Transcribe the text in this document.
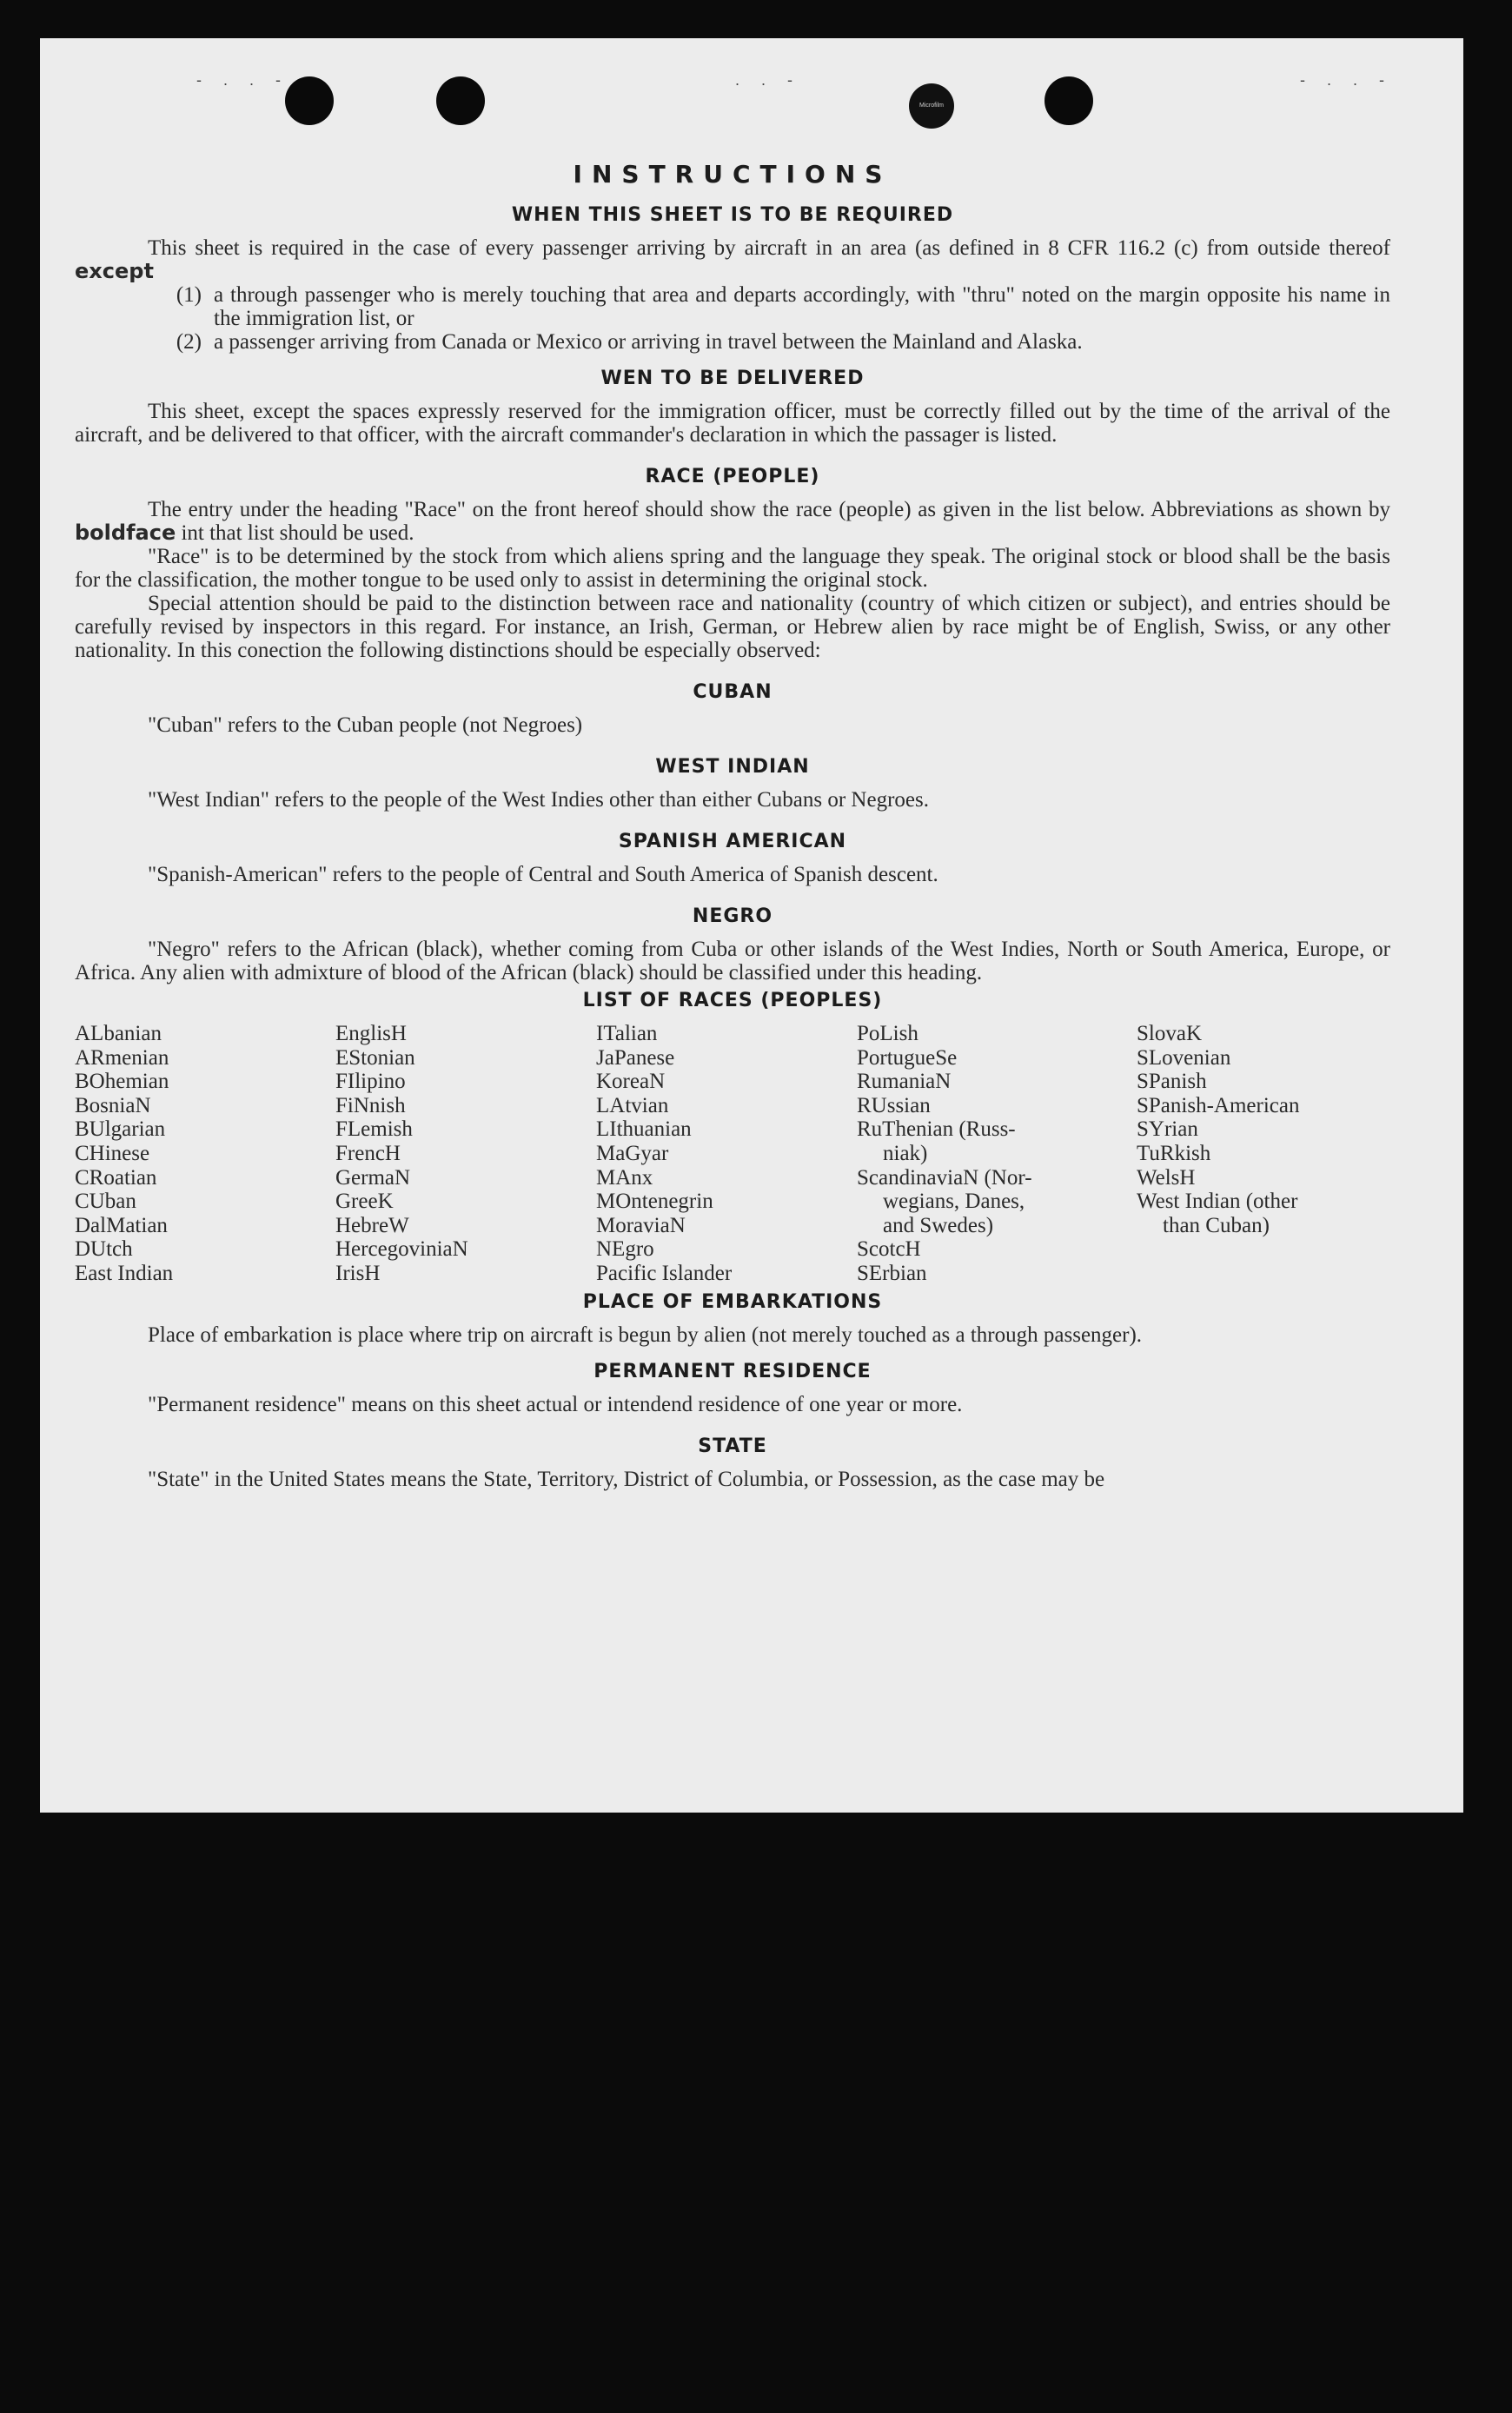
- . . -	. . -	- . . -
Microfilm
INSTRUCTIONS
WHEN THIS SHEET IS TO BE REQUIRED

This sheet is required in the case of every passenger arriving by aircraft in an area (as defined in 8 CFR 116.2 (c) from outside thereof except

(1) a through passenger who is merely touching that area and departs accordingly, with "thru" noted on the margin opposite his name in the immigration list, or
(2) a passenger arriving from Canada or Mexico or arriving in travel between the Mainland and Alaska.
WEN TO BE DELIVERED

This sheet, except the spaces expressly reserved for the immigration officer, must be correctly filled out by the time of the arrival of the aircraft, and be delivered to that officer, with the aircraft commander's declaration in which the passager is listed.

RACE (PEOPLE)

The entry under the heading "Race" on the front hereof should show the race (people) as given in the list below. Abbreviations as shown by boldface int that list should be used.

"Race" is to be determined by the stock from which aliens spring and the language they speak. The original stock or blood shall be the basis for the classification, the mother tongue to be used only to assist in determining the original stock.

Special attention should be paid to the distinction between race and nationality (country of which citizen or subject), and entries should be carefully revised by inspectors in this regard. For instance, an Irish, German, or Hebrew alien by race might be of English, Swiss, or any other nationality. In this conection the following distinctions should be especially observed:

CUBAN

"Cuban" refers to the Cuban people (not Negroes)

WEST INDIAN

"West Indian" refers to the people of the West Indies other than either Cubans or Negroes.

SPANISH AMERICAN

"Spanish-American" refers to the people of Central and South America of Spanish descent.

NEGRO

"Negro" refers to the African (black), whether coming from Cuba or other islands of the West Indies, North or South America, Europe, or Africa. Any alien with admixture of blood of the African (black) should be classified under this heading.

LIST OF RACES (PEOPLES)
ALbanian
ARmenian
BOhemian
BosniaN
BUlgarian
CHinese
CRoatian
CUban
DalMatian
DUtch
East Indian
EnglisH
EStonian
FIlipino
FiNnish
FLemish
FrencH
GermaN
GreeK
HebreW
HercegoviniaN
IrisH
ITalian
JaPanese
KoreaN
LAtvian
LIthuanian
MaGyar
MAnx
MOntenegrin
MoraviaN
NEgro
Pacific Islander
PoLish
PortugueSe
RumaniaN
RUssian
RuThenian (Russ-
niak)
ScandinaviaN (Nor-
wegians, Danes,
and Swedes)
ScotcH
SErbian
SlovaK
SLovenian
SPanish
SPanish-American
SYrian
TuRkish
WelsH
West Indian (other
than Cuban)
PLACE OF EMBARKATIONS

Place of embarkation is place where trip on aircraft is begun by alien (not merely touched as a through passenger).

PERMANENT RESIDENCE

"Permanent residence" means on this sheet actual or intendend residence of one year or more.

STATE

"State" in the United States means the State, Territory, District of Columbia, or Possession, as the case may be
